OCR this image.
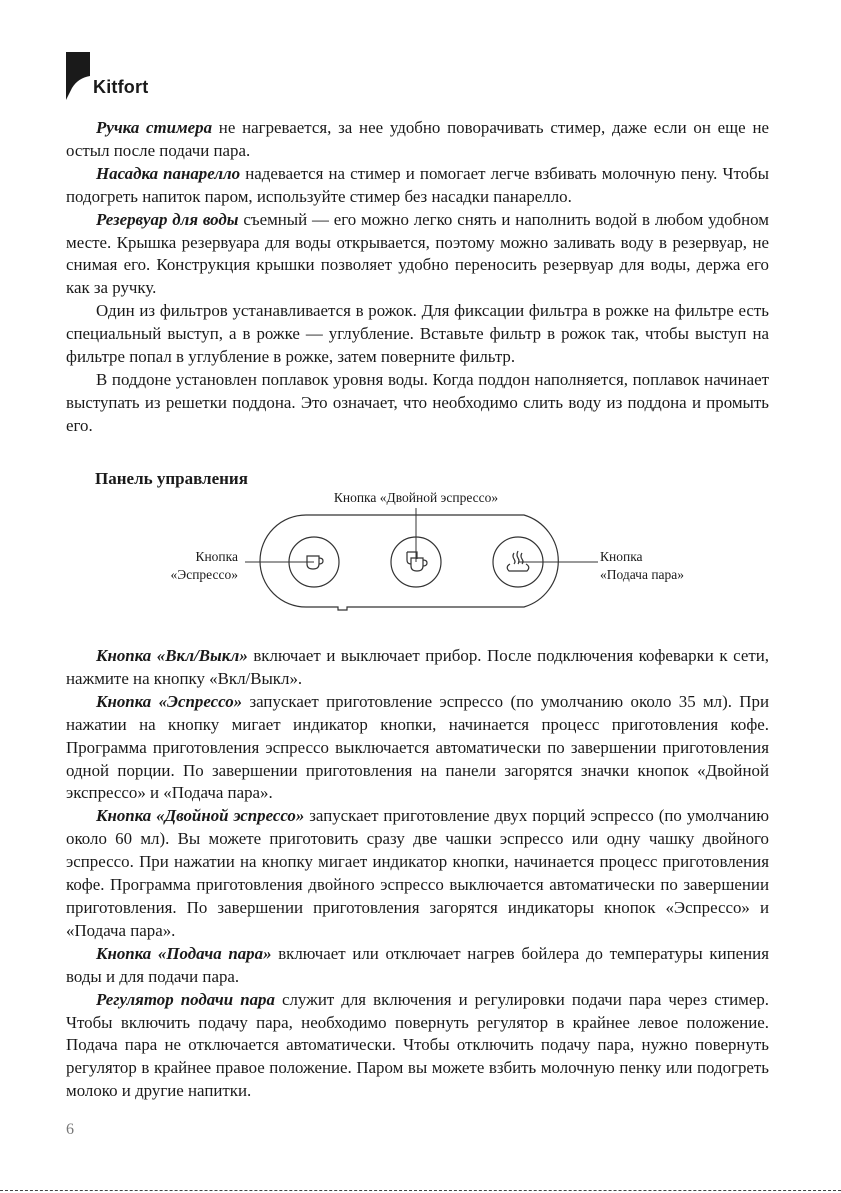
Kitfort

Ручка стимера не нагревается, за нее удобно поворачивать стимер, даже если он еще не остыл после подачи пара.

Насадка панарелло надевается на стимер и помогает легче взбивать молочную пену. Чтобы подогреть напиток паром, используйте стимер без насадки панарелло.

Резервуар для воды съемный — его можно легко снять и наполнить водой в любом удобном месте. Крышка резервуара для воды открывается, поэтому можно заливать воду в резервуар, не снимая его. Конструкция крышки позволяет удобно переносить резервуар для воды, держа его как за ручку.

Один из фильтров устанавливается в рожок. Для фиксации фильтра в рожке на фильтре есть специальный выступ, а в рожке — углубление. Вставьте фильтр в рожок так, чтобы выступ на фильтре попал в углубление в рожке, затем поверните фильтр.

В поддоне установлен поплавок уровня воды. Когда поддон наполняется, поплавок начинает выступать из решетки поддона. Это означает, что необходимо слить воду из поддона и промыть его.

Панель управления
Кнопка «Двойной эспрессо»
Кнопка
«Эспрессо»
Кнопка
«Подача пара»

Кнопка «Вкл/Выкл» включает и выключает прибор. После подключения кофеварки к сети, нажмите на кнопку «Вкл/Выкл».

Кнопка «Эспрессо» запускает приготовление эспрессо (по умолчанию около 35 мл). При нажатии на кнопку мигает индикатор кнопки, начинается процесс приготовления кофе. Программа приготовления эспрессо выключается автоматически по завершении приготовления одной порции. По завершении приготовления на панели загорятся значки кнопок «Двойной экспрессо» и «Подача пара».

Кнопка «Двойной эспрессо» запускает приготовление двух порций эспрессо (по умолчанию около 60 мл). Вы можете приготовить сразу две чашки эспрессо или одну чашку двойного эспрессо. При нажатии на кнопку мигает индикатор кнопки, начинается процесс приготовления кофе. Программа приготовления двойного эспрессо выключается автоматически по завершении приготовления. По завершении приготовления загорятся индикаторы кнопок «Эспрессо» и «Подача пара».

Кнопка «Подача пара» включает или отключает нагрев бойлера до температуры кипения воды и для подачи пара.

Регулятор подачи пара служит для включения и регулировки подачи пара через стимер. Чтобы включить подачу пара, необходимо повернуть регулятор в крайнее левое положение. Подача пара не отключается автоматически. Чтобы отключить подачу пара, нужно повернуть регулятор в крайнее правое положение. Паром вы можете взбить молочную пенку или подогреть молоко и другие напитки.

6
